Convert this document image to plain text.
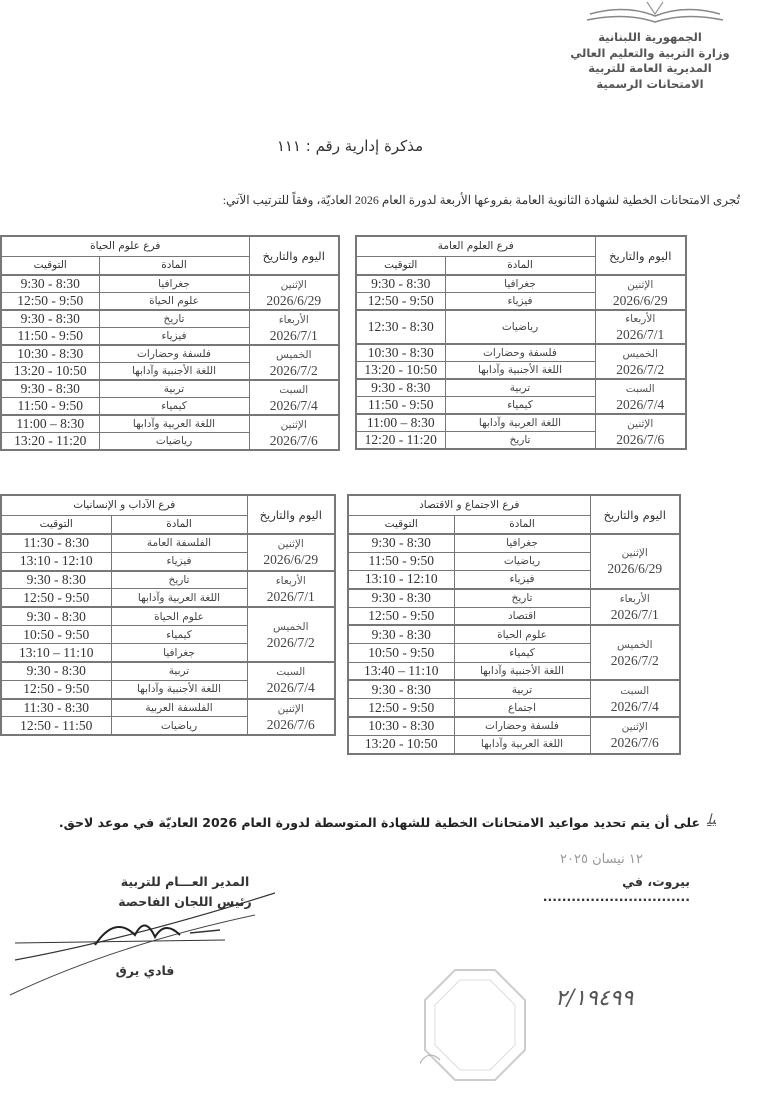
الجمهورية اللبنانية
وزارة التربية والتعليم العالي
المديرية العامة للتربية
الامتحانات الرسمية
مذكرة إدارية رقم : ١١١
تُجرى الامتحانات الخطية لشهادة الثانوية العامة بفروعها الأربعة لدورة العام 2026 العاديّة، وفقاً للترتيب الآتي:
اليوم والتاريخ	فرع العلوم العامة	
	المادة	التوقيت

الإثنين
2026/6/29	جغرافيا	9:30 - 8:30
	فيزياء	12:50 - 9:50

الأربعاء
2026/7/1	رياضيات	12:30 - 8:30

الخميس
2026/7/2	فلسفة وحضارات	10:30 - 8:30
	اللغة الأجنبية وآدابها	13:20 - 10:50

السبت
2026/7/4	تربية	9:30 - 8:30
	كيمياء	11:50 - 9:50

الإثنين
2026/7/6	اللغة العربية وآدابها	11:00 – 8:30
	تاريخ	12:20 - 11:20
اليوم والتاريخ	فرع علوم الحياة	
	المادة	التوقيت

الإثنين
2026/6/29	جغرافيا	9:30 - 8:30
	علوم الحياة	12:50 - 9:50

الأربعاء
2026/7/1	تاريخ	9:30 - 8:30
	فيزياء	11:50 - 9:50

الخميس
2026/7/2	فلسفة وحضارات	10:30 - 8:30
	اللغة الأجنبية وآدابها	13:20 - 10:50

السبت
2026/7/4	تربية	9:30 - 8:30
	كيمياء	11:50 - 9:50

الإثنين
2026/7/6	اللغة العربية وآدابها	11:00 – 8:30
	رياضيات	13:20 - 11:20
اليوم والتاريخ	فرع الاجتماع و الاقتصاد	
	المادة	التوقيت

الإثنين
2026/6/29	جغرافيا	9:30 - 8:30
	رياضيات	11:50 - 9:50
	فيزياء	13:10 - 12:10

الأربعاء
2026/7/1	تاريخ	9:30 - 8:30
	اقتصاد	12:50 - 9:50

الخميس
2026/7/2	علوم الحياة	9:30 - 8:30
	كيمياء	10:50 - 9:50
	اللغة الأجنبية وآدابها	13:40 – 11:10

السبت
2026/7/4	تربية	9:30 - 8:30
	اجتماع	12:50 - 9:50

الإثنين
2026/7/6	فلسفة وحضارات	10:30 - 8:30
	اللغة العربية وآدابها	13:20 - 10:50
اليوم والتاريخ	فرع الآداب و الإنسانيات	
	المادة	التوقيت

الإثنين
2026/6/29	الفلسفة العامة	11:30 - 8:30
	فيزياء	13:10 - 12:10

الأربعاء
2026/7/1	تاريخ	9:30 - 8:30
	اللغة العربية وآدابها	12:50 - 9:50

الخميس
2026/7/2	علوم الحياة	9:30 - 8:30
	كيمياء	10:50 - 9:50
	جغرافيا	13:10 – 11:10

السبت
2026/7/4	تربية	9:30 - 8:30
	اللغة الأجنبية وآدابها	12:50 - 9:50

الإثنين
2026/7/6	الفلسفة العربية	11:30 - 8:30
	رياضيات	12:50 - 11:50
ﺒﻠ
على أن يتم تحديد مواعيد الامتحانات الخطية للشهادة المتوسطة لدورة العام 2026 العاديّة في موعد لاحق.
١٢ نيسان ٢٠٢٥
بيروت، في ...............................
المدير العـــام للتربية
رئيس اللجان الفاحصة
فادي يرق
٢/١٩٤٩٩
